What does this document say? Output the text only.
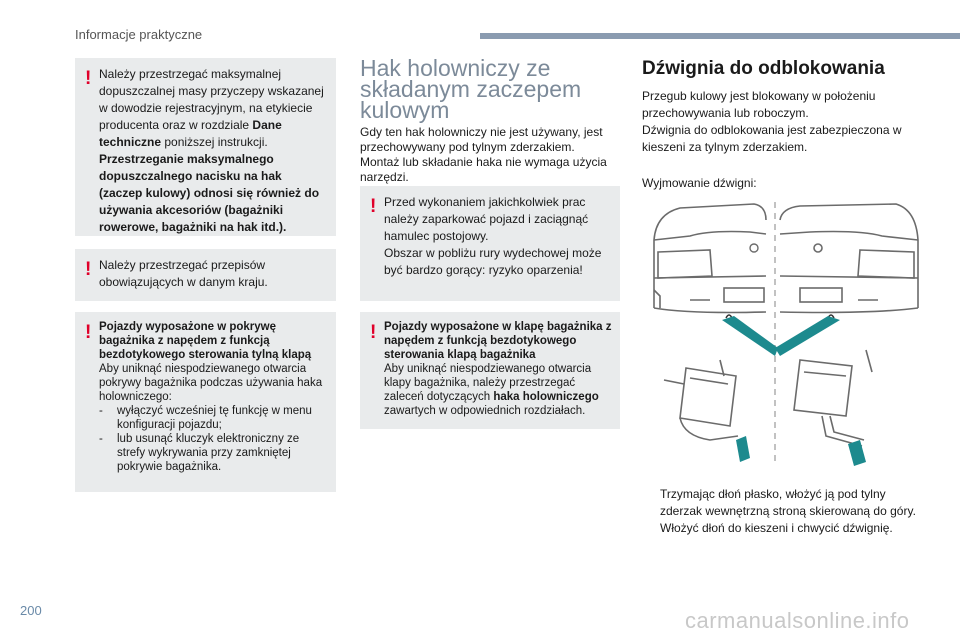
Informacje praktyczne
! Należy przestrzegać maksymalnej dopuszczalnej masy przyczepy wskazanej w dowodzie rejestracyjnym, na etykiecie producenta oraz w rozdziale Dane techniczne poniższej instrukcji.
Przestrzeganie maksymalnego dopuszczalnego nacisku na hak (zaczep kulowy) odnosi się również do używania akcesoriów (bagażniki rowerowe, bagażniki na hak itd.).
! Należy przestrzegać przepisów obowiązujących w danym kraju.
! Pojazdy wyposażone w pokrywę bagażnika z napędem z funkcją bezdotykowego sterowania tylną klapą
Aby uniknąć niespodziewanego otwarcia pokrywy bagażnika podczas używania haka holowniczego:
-	wyłączyć wcześniej tę funkcję w menu konfiguracji pojazdu;
-	lub usunąć kluczyk elektroniczny ze strefy wykrywania przy zamkniętej pokrywie bagażnika.
Hak holowniczy ze składanym zaczepem kulowym
Gdy ten hak holowniczy nie jest używany, jest przechowywany pod tylnym zderzakiem.
Montaż lub składanie haka nie wymaga użycia narzędzi.
! Przed wykonaniem jakichkolwiek prac należy zaparkować pojazd i zaciągnąć hamulec postojowy.
Obszar w pobliżu rury wydechowej może być bardzo gorący: ryzyko oparzenia!
! Pojazdy wyposażone w klapę bagażnika z napędem z funkcją bezdotykowego sterowania klapą bagażnika
Aby uniknąć niespodziewanego otwarcia klapy bagażnika, należy przestrzegać zaleceń dotyczących haka holowniczego zawartych w odpowiednich rozdziałach.
Dźwignia do odblokowania
Przegub kulowy jest blokowany w położeniu przechowywania lub roboczym.
Dźwignia do odblokowania jest zabezpieczona w kieszeni za tylnym zderzakiem.
Wyjmowanie dźwigni:
Trzymając dłoń płasko, włożyć ją pod tylny zderzak wewnętrzną stroną skierowaną do góry.
Włożyć dłoń do kieszeni i chwycić dźwignię.
200	carmanualsonline.info
